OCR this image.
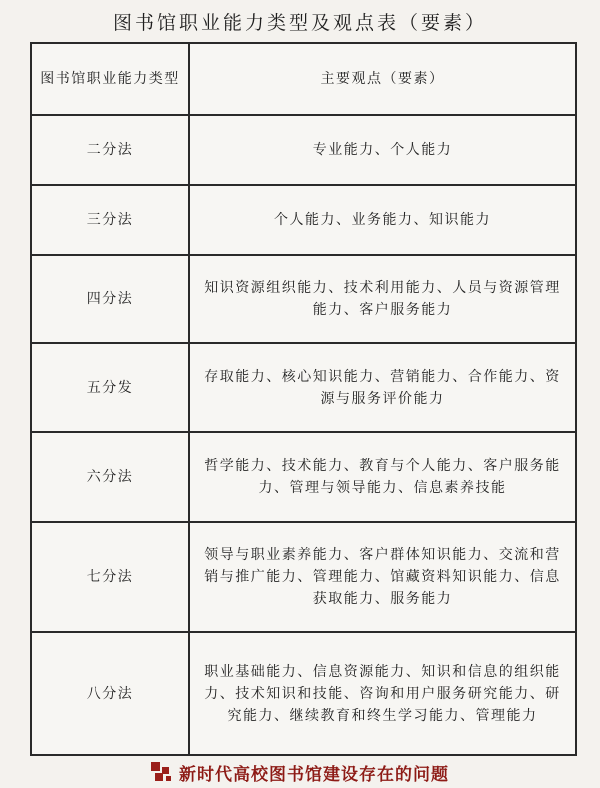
图书馆职业能力类型及观点表（要素）
图书馆职业能力类型	主要观点（要素）
二分法	专业能力、个人能力
三分法	个人能力、业务能力、知识能力
四分法	知识资源组织能力、技术利用能力、人员与资源管理能力、客户服务能力
五分发	存取能力、核心知识能力、营销能力、合作能力、资源与服务评价能力
六分法	哲学能力、技术能力、教育与个人能力、客户服务能力、管理与领导能力、信息素养技能
七分法	领导与职业素养能力、客户群体知识能力、交流和营销与推广能力、管理能力、馆藏资料知识能力、信息获取能力、服务能力
八分法	职业基础能力、信息资源能力、知识和信息的组织能力、技术知识和技能、咨询和用户服务研究能力、研究能力、继续教育和终生学习能力、管理能力
新时代高校图书馆建设存在的问题
